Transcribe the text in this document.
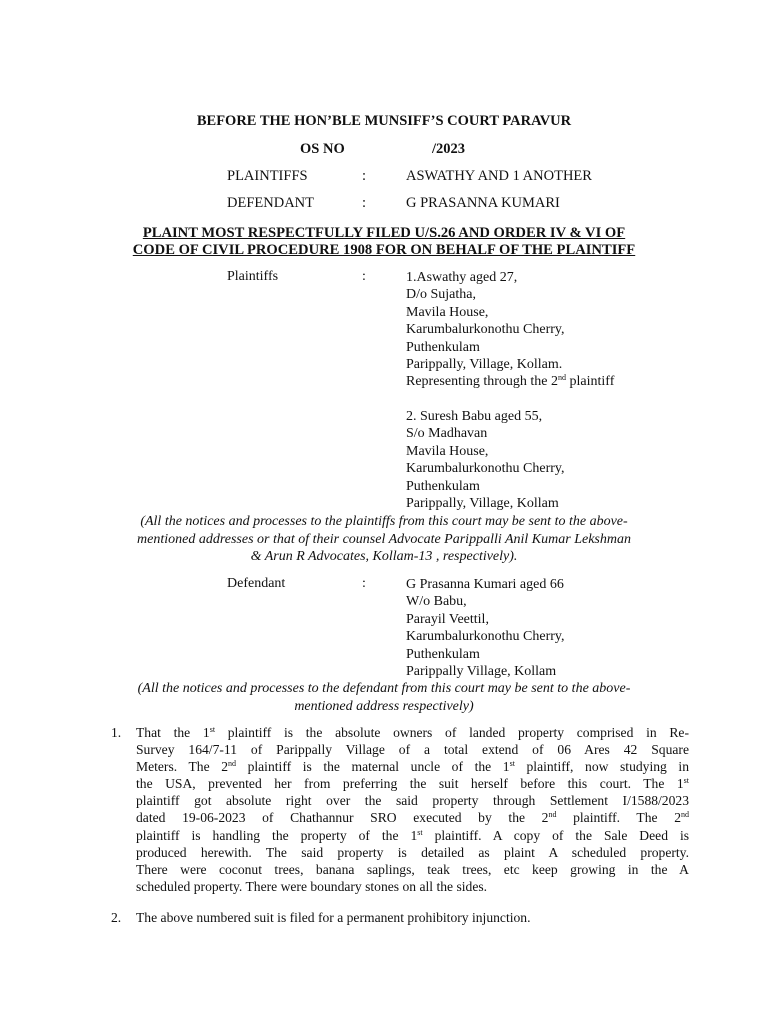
BEFORE THE HON’BLE MUNSIFF’S COURT PARAVUR
OS NO	/2023
PLAINTIFFS	:	ASWATHY AND 1 ANOTHER
DEFENDANT	:	G PRASANNA KUMARI
PLAINT MOST RESPECTFULLY FILED U/S.26 AND ORDER IV & VI OF
CODE OF CIVIL PROCEDURE 1908 FOR ON BEHALF OF THE PLAINTIFF
Plaintiffs	:	1.Aswathy aged 27,
D/o Sujatha,
Mavila House,
Karumbalurkonothu Cherry,
Puthenkulam
Parippally, Village, Kollam.
Representing through the 2nd plaintiff
2. Suresh Babu aged 55,
S/o Madhavan
Mavila House,
Karumbalurkonothu Cherry,
Puthenkulam
Parippally, Village, Kollam
(All the notices and processes to the plaintiffs from this court may be sent to the above-
mentioned addresses or that of their counsel Advocate Parippalli Anil Kumar Lekshman
& Arun R Advocates, Kollam-13 , respectively).
Defendant	:	G Prasanna Kumari aged 66
W/o Babu,
Parayil Veettil,
Karumbalurkonothu Cherry,
Puthenkulam
Parippally Village, Kollam
(All the notices and processes to the defendant from this court may be sent to the above-
mentioned address respectively)
1. That the 1st plaintiff is the absolute owners of landed property comprised in Re-
Survey 164/7-11 of Parippally Village of a total extend of 06 Ares 42 Square
Meters. The 2nd plaintiff is the maternal uncle of the 1st plaintiff, now studying in
the USA, prevented her from preferring the suit herself before this court. The 1st
plaintiff got absolute right over the said property through Settlement I/1588/2023
dated 19-06-2023 of Chathannur SRO executed by the 2nd plaintiff. The 2nd
plaintiff is handling the property of the 1st plaintiff. A copy of the Sale Deed is
produced herewith. The said property is detailed as plaint A scheduled property.
There were coconut trees, banana saplings, teak trees, etc keep growing in the A
scheduled property. There were boundary stones on all the sides.
2. The above numbered suit is filed for a permanent prohibitory injunction.
